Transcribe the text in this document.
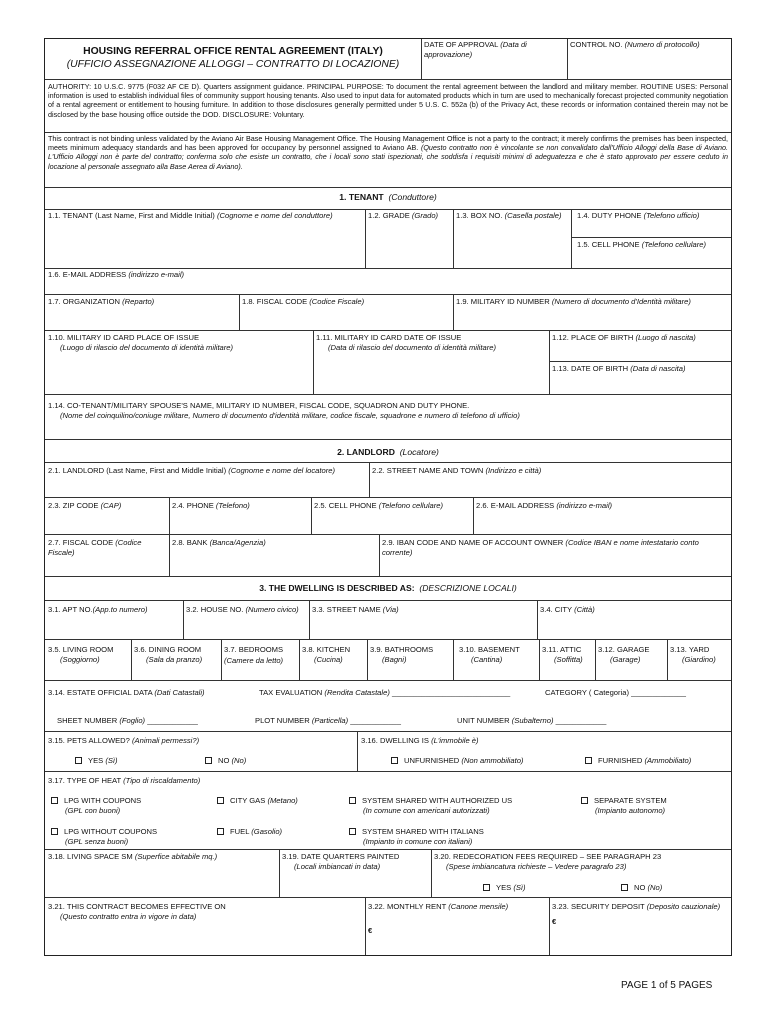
HOUSING REFERRAL OFFICE RENTAL AGREEMENT (ITALY)
(UFFICIO ASSEGNAZIONE ALLOGGI – CONTRATTO DI LOCAZIONE)
DATE OF APPROVAL (Data di approvazione)
CONTROL NO. (Numero di protocollo)
AUTHORITY: 10 U.S.C. 9775 (F032 AF CE D). Quarters assignment guidance. PRINCIPAL PURPOSE: To document the rental agreement between the landlord and military member. ROUTINE USES: Personal information is used to establish individual files of community support housing tenants. Also used to input data for automated products which in turn are used to mechanically forecast projected community negotiation of a rental agreement or entitlement to housing furniture. In addition to those disclosures generally permitted under 5 U.S. C. 552a (b) of the Privacy Act, these records or information contained therein may not be disclosed by the base housing office outside the DOD. DISCLOSURE: Voluntary.
This contract is not binding unless validated by the Aviano Air Base Housing Management Office. The Housing Management Office is not a party to the contract; it merely confirms the premises has been inspected, meets minimum adequacy standards and has been approved for occupancy by personnel assigned to Aviano AB. (Questo contratto non è vincolante se non convalidato dall'Ufficio Alloggi della Base di Aviano. L'Ufficio Alloggi non è parte del contratto; conferma solo che esiste un contratto, che i locali sono stati ispezionati, che soddisfa i requisiti minimi di adeguatezza e che è stato approvato per essere ceduto in locazione al personale assegnato alla Base Aerea di Aviano).
1. TENANT (Conduttore)
1.1. TENANT (Last Name, First and Middle Initial) (Cognome e nome del conduttore)	1.2. GRADE (Grado)	1.3. BOX NO. (Casella postale)	1.4. DUTY PHONE (Telefono ufficio)
1.5. CELL PHONE (Telefono cellulare)
1.6. E-MAIL ADDRESS (indirizzo e-mail)
1.7. ORGANIZATION (Reparto)	1.8. FISCAL CODE (Codice Fiscale)	1.9. MILITARY ID NUMBER (Numero di documento d'Identità militare)
1.10. MILITARY ID CARD PLACE OF ISSUE
(Luogo di rilascio del documento di identità militare)
1.11. MILITARY ID CARD DATE OF ISSUE
(Data di rilascio del documento di identità militare)
1.12. PLACE OF BIRTH (Luogo di nascita)
1.13. DATE OF BIRTH (Data di nascita)
1.14. CO-TENANT/MILITARY SPOUSE'S NAME, MILITARY ID NUMBER, FISCAL CODE, SQUADRON AND DUTY PHONE.
(Nome del coinquilino/coniuge militare, Numero di documento d'identità militare, codice fiscale, squadrone e numero di telefono di ufficio)
2. LANDLORD (Locatore)
2.1. LANDLORD (Last Name, First and Middle Initial) (Cognome e nome del locatore)	2.2. STREET NAME AND TOWN (Indirizzo e città)
2.3. ZIP CODE (CAP)	2.4. PHONE (Telefono)	2.5. CELL PHONE (Telefono cellulare)	2.6. E-MAIL ADDRESS (indirizzo e-mail)
2.7. FISCAL CODE (Codice Fiscale)
2.8. BANK (Banca/Agenzia)	2.9. IBAN CODE AND NAME OF ACCOUNT OWNER (Codice IBAN e nome intestatario conto corrente)
3. THE DWELLING IS DESCRIBED AS: (DESCRIZIONE LOCALI)
3.1. APT NO.(App.to numero)	3.2. HOUSE NO. (Numero civico)	3.3. STREET NAME (Via)	3.4. CITY (Città)
3.5. LIVING ROOM
(Soggiorno)
3.6. DINING ROOM
(Sala da pranzo)
3.7. BEDROOMS
(Camere da letto)
3.8. KITCHEN
(Cucina)
3.9. BATHROOMS
(Bagni)
3.10. BASEMENT
(Cantina)
3.11. ATTIC
(Soffitta)
3.12. GARAGE
(Garage)
3.13. YARD
(Giardino)
3.14. ESTATE OFFICIAL DATA (Dati Catastali)	TAX EVALUATION (Rendita Catastale) ____________________________	CATEGORY ( Categoria) _____________
SHEET NUMBER (Foglio) ____________	PLOT NUMBER (Particella) ____________	UNIT NUMBER (Subalterno) ____________
3.15. PETS ALLOWED? (Animali permessi?)	3.16. DWELLING IS (L'immobile è)
YES (Sì)	NO (No)	UNFURNISHED (Non ammobiliato)	FURNISHED (Ammobiliato)
3.17. TYPE OF HEAT (Tipo di riscaldamento)
LPG WITH COUPONS
(GPL con buoni)
CITY GAS (Metano)	SYSTEM SHARED WITH AUTHORIZED US
(In comune con americani autorizzati)
SEPARATE SYSTEM
(Impianto autonomo)
LPG WITHOUT COUPONS
(GPL senza buoni)
FUEL (Gasolio)	SYSTEM SHARED WITH ITALIANS
(Impianto in comune con italiani)
3.18. LIVING SPACE SM (Superfice abitabile mq.)	3.19. DATE QUARTERS PAINTED
(Locali imbiancati in data)
3.20. REDECORATION FEES REQUIRED – SEE PARAGRAPH 23
(Spese imbiancatura richieste – Vedere paragrafo 23)
YES (Sì)	NO (No)
3.21. THIS CONTRACT BECOMES EFFECTIVE ON
(Questo contratto entra in vigore in data)
3.22. MONTHLY RENT (Canone mensile)
€
3.23. SECURITY DEPOSIT (Deposito cauzionale)
€
PAGE 1 of 5 PAGES
